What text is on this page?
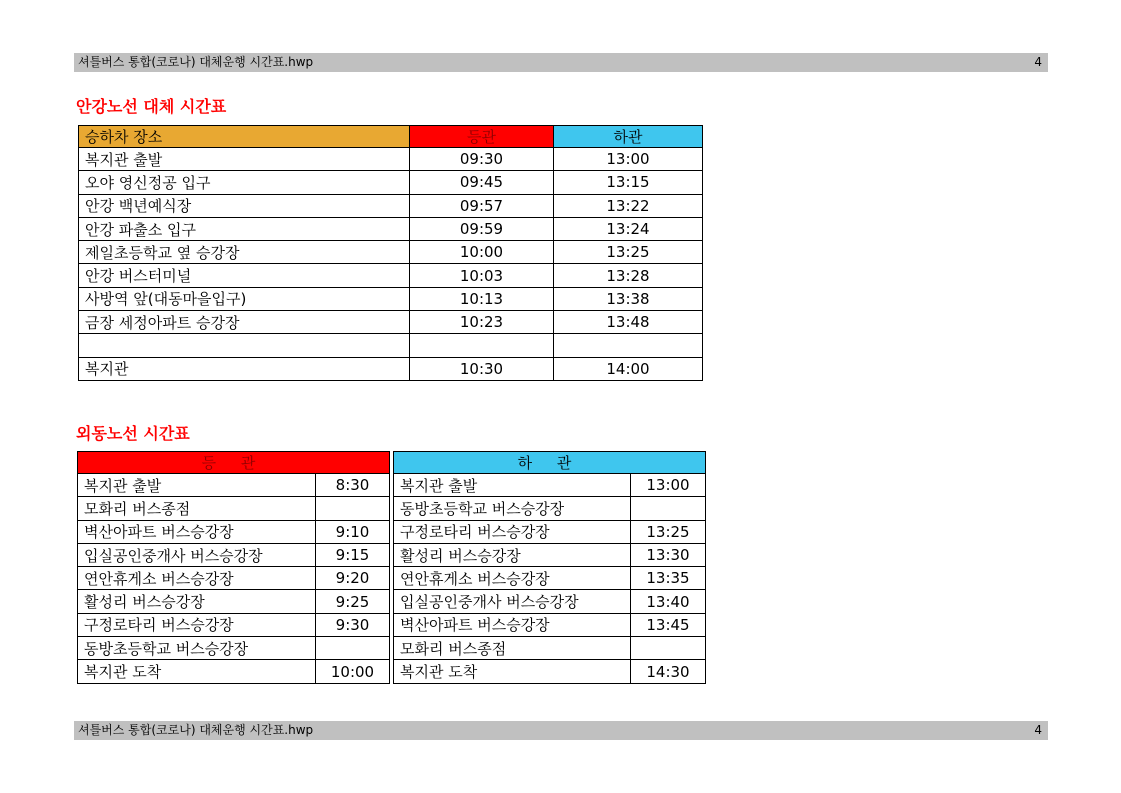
셔틀버스 통합(코로나) 대체운행 시간표.hwp	4
안강노선 대체 시간표
승하차 장소	등관	하관
복지관 출발	09:30	13:00
오야 영신정공 입구	09:45	13:15
안강 백년예식장	09:57	13:22
안강 파출소 입구	09:59	13:24
제일초등학교 옆 승강장	10:00	13:25
안강 버스터미널	10:03	13:28
사방역 앞(대동마을입구)	10:13	13:38
금장 세정아파트 승강장	10:23	13:48

복지관	10:30	14:00
외동노선 시간표
등 관	
복지관 출발	8:30
모화리 버스종점	
벽산아파트 버스승강장	9:10
입실공인중개사 버스승강장	9:15
연안휴게소 버스승강장	9:20
활성리 버스승강장	9:25
구정로타리 버스승강장	9:30
동방초등학교 버스승강장	
복지관 도착	10:00
하 관	
복지관 출발	13:00
동방초등학교 버스승강장	
구정로타리 버스승강장	13:25
활성리 버스승강장	13:30
연안휴게소 버스승강장	13:35
입실공인중개사 버스승강장	13:40
벽산아파트 버스승강장	13:45
모화리 버스종점	
복지관 도착	14:30
셔틀버스 통합(코로나) 대체운행 시간표.hwp	4
